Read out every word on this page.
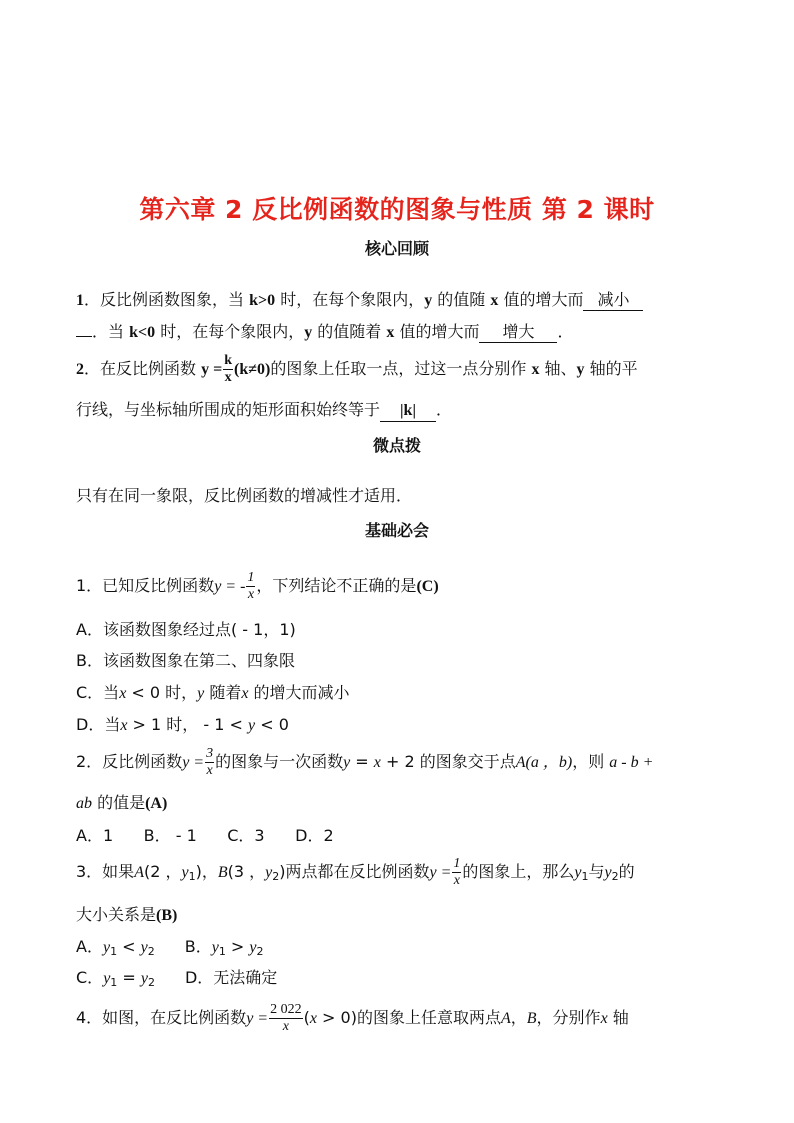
第六章 2 反比例函数的图象与性质 第 2 课时
核心回顾
1．反比例函数图象，当 k>0 时，在每个象限内，y 的值随 x 值的增大而 减小
．当 k<0 时，在每个象限内，y 的值随着 x 值的增大而 增大 ．
2．在反比例函数 $y = \frac{k}{x} (k\ne 0)$的图象上任取一点，过这一点分别作 x 轴、y 轴的平
行线，与坐标轴所围成的矩形面积始终等于 |k| ．
微点拨
只有在同一象限，反比例函数的增减性才适用．
基础必会
1．已知反比例函数y = - $\frac{1}{x}$ ，下列结论不正确的是(C)
A．该函数图象经过点( - 1，1)
B．该函数图象在第二、四象限
C．当x < 0 时，y 随着x 的增大而减小
D．当x > 1 时， - 1 < y < 0
2．反比例函数$y = \frac{3}{x}$ 的图象与一次函数y = x + 2 的图象交于点A(a ，b)，则 a - b +
ab 的值是(A)
A．1      B． - 1      C．3      D．2
3．如果A(2 ，$y_1$)，B(3 ，$y_2$)两点都在反比例函数$y = \frac{1}{x}$ 的图象上，那么$y_1$与$y_2$的
大小关系是(B)
A．$y_1 < y_2$ B．$y_1 > y_2$
C．$y_1 = y_2$ D．无法确定
4．如图，在反比例函数$y = \frac{2 022}{x} (x > 0)$的图象上任意取两点A，B，分别作x 轴
